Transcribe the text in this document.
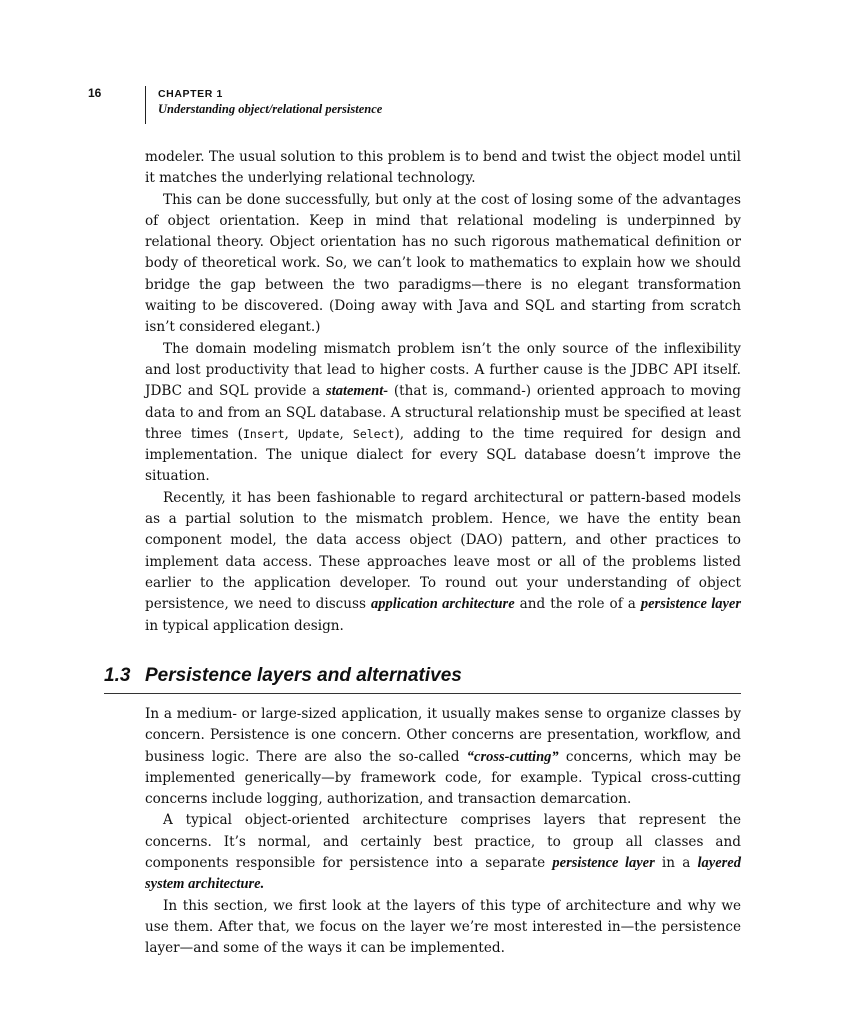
16	CHAPTER 1
Understanding object/relational persistence

modeler. The usual solution to this problem is to bend and twist the object model until it matches the underlying relational technology.

This can be done successfully, but only at the cost of losing some of the advantages of object orientation. Keep in mind that relational modeling is underpinned by relational theory. Object orientation has no such rigorous mathematical definition or body of theoretical work. So, we can’t look to mathematics to explain how we should bridge the gap between the two paradigms—there is no elegant transformation waiting to be discovered. (Doing away with Java and SQL and starting from scratch isn’t considered elegant.)

The domain modeling mismatch problem isn’t the only source of the inflexibility and lost productivity that lead to higher costs. A further cause is the JDBC API itself. JDBC and SQL provide a statement- (that is, command-) oriented approach to moving data to and from an SQL database. A structural relationship must be specified at least three times (Insert, Update, Select), adding to the time required for design and implementation. The unique dialect for every SQL database doesn’t improve the situation.

Recently, it has been fashionable to regard architectural or pattern-based models as a partial solution to the mismatch problem. Hence, we have the entity bean component model, the data access object (DAO) pattern, and other practices to implement data access. These approaches leave most or all of the problems listed earlier to the application developer. To round out your understanding of object persistence, we need to discuss application architecture and the role of a persistence layer in typical application design.

1.3 Persistence layers and alternatives

In a medium- or large-sized application, it usually makes sense to organize classes by concern. Persistence is one concern. Other concerns are presentation, workflow, and business logic. There are also the so-called “cross-cutting” concerns, which may be implemented generically—by framework code, for example. Typical cross-cutting concerns include logging, authorization, and transaction demarcation.

A typical object-oriented architecture comprises layers that represent the concerns. It’s normal, and certainly best practice, to group all classes and components responsible for persistence into a separate persistence layer in a layered system architecture.

In this section, we first look at the layers of this type of architecture and why we use them. After that, we focus on the layer we’re most interested in—the persistence layer—and some of the ways it can be implemented.
